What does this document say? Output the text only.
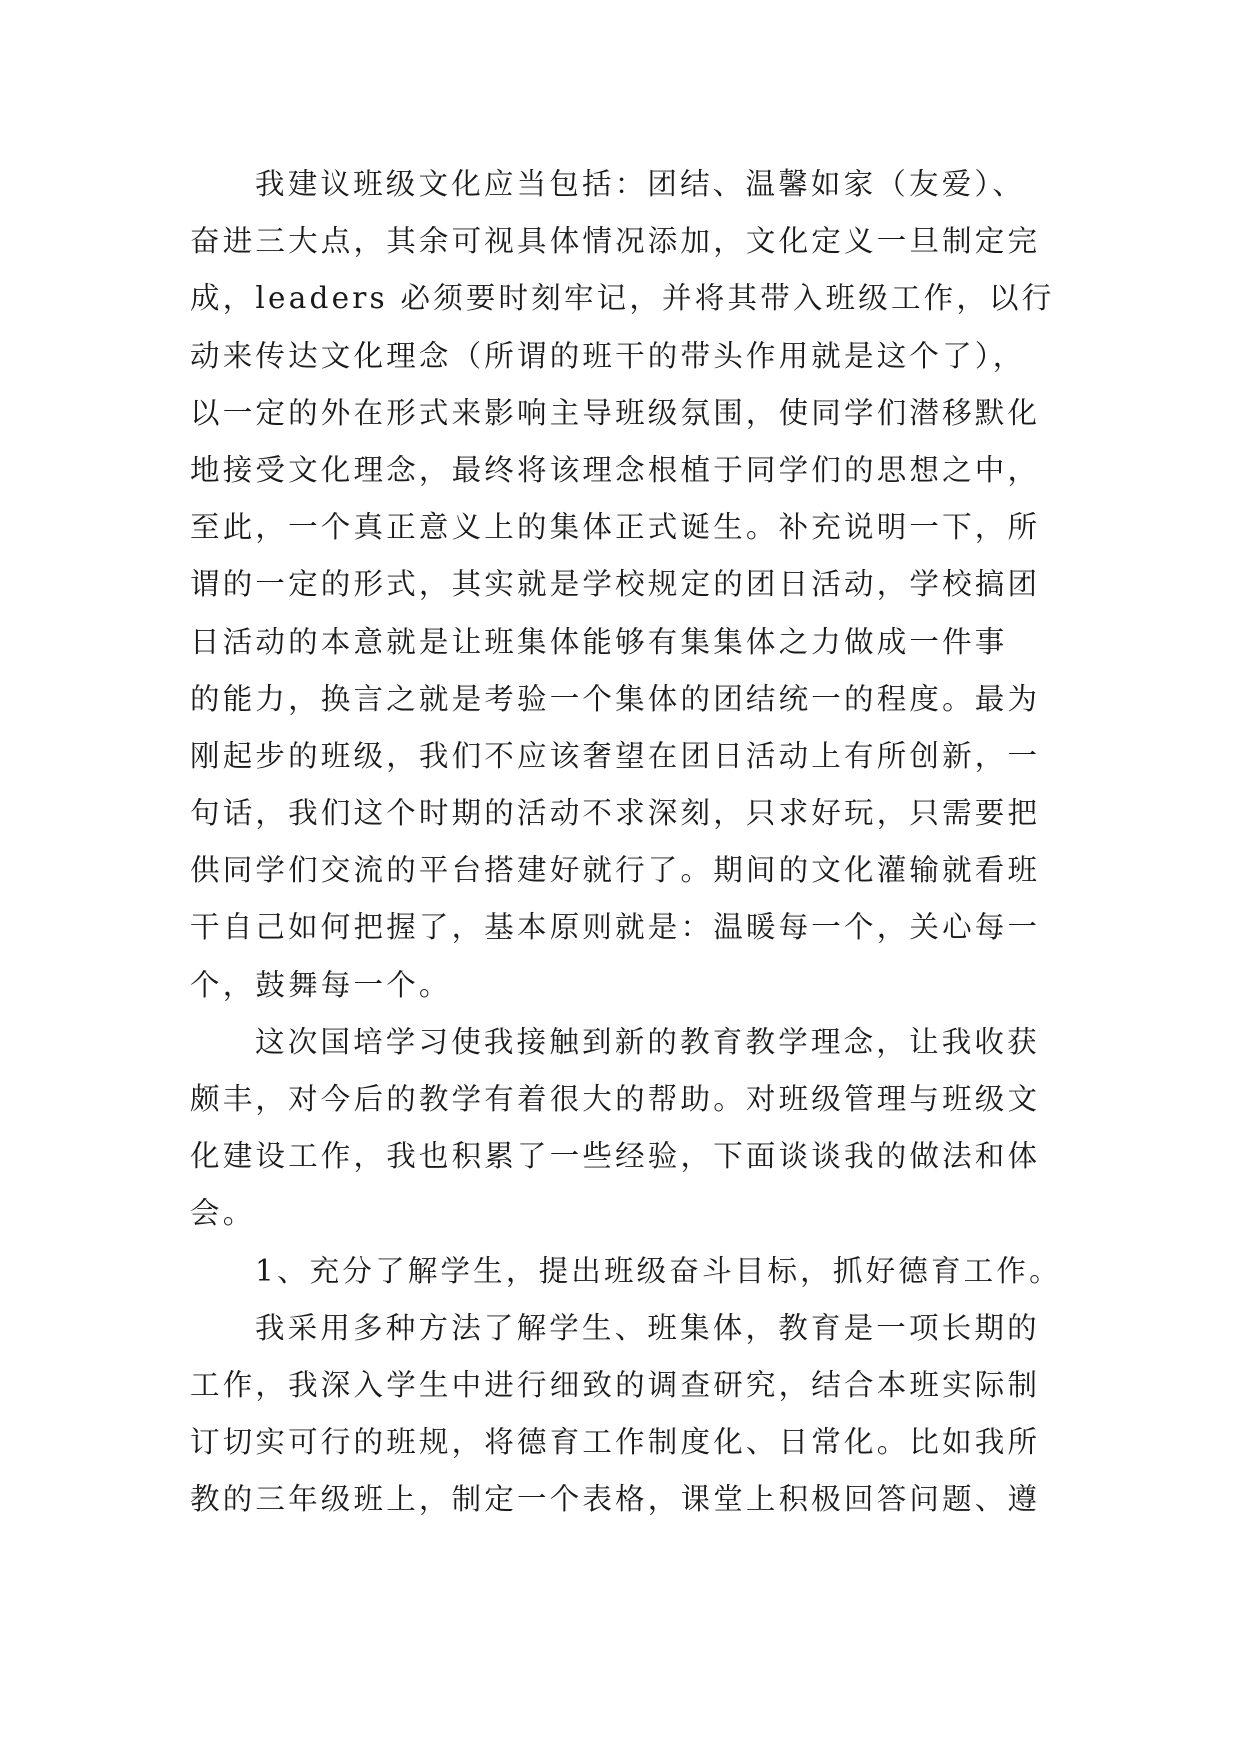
我建议班级文化应当包括：团结、温馨如家（友爱）、
奋进三大点，其余可视具体情况添加，文化定义一旦制定完
成，leaders 必须要时刻牢记，并将其带入班级工作，以行
动来传达文化理念（所谓的班干的带头作用就是这个了），
以一定的外在形式来影响主导班级氛围，使同学们潜移默化
地接受文化理念，最终将该理念根植于同学们的思想之中，
至此，一个真正意义上的集体正式诞生。补充说明一下，所
谓的一定的形式，其实就是学校规定的团日活动，学校搞团
日活动的本意就是让班集体能够有集集体之力做成一件事
的能力，换言之就是考验一个集体的团结统一的程度。最为
刚起步的班级，我们不应该奢望在团日活动上有所创新，一
句话，我们这个时期的活动不求深刻，只求好玩，只需要把
供同学们交流的平台搭建好就行了。期间的文化灌输就看班
干自己如何把握了，基本原则就是：温暖每一个，关心每一
个，鼓舞每一个。
这次国培学习使我接触到新的教育教学理念，让我收获
颇丰，对今后的教学有着很大的帮助。对班级管理与班级文
化建设工作，我也积累了一些经验，下面谈谈我的做法和体
会。
1、充分了解学生，提出班级奋斗目标，抓好德育工作。
我采用多种方法了解学生、班集体，教育是一项长期的
工作，我深入学生中进行细致的调查研究，结合本班实际制
订切实可行的班规，将德育工作制度化、日常化。比如我所
教的三年级班上，制定一个表格，课堂上积极回答问题、遵
